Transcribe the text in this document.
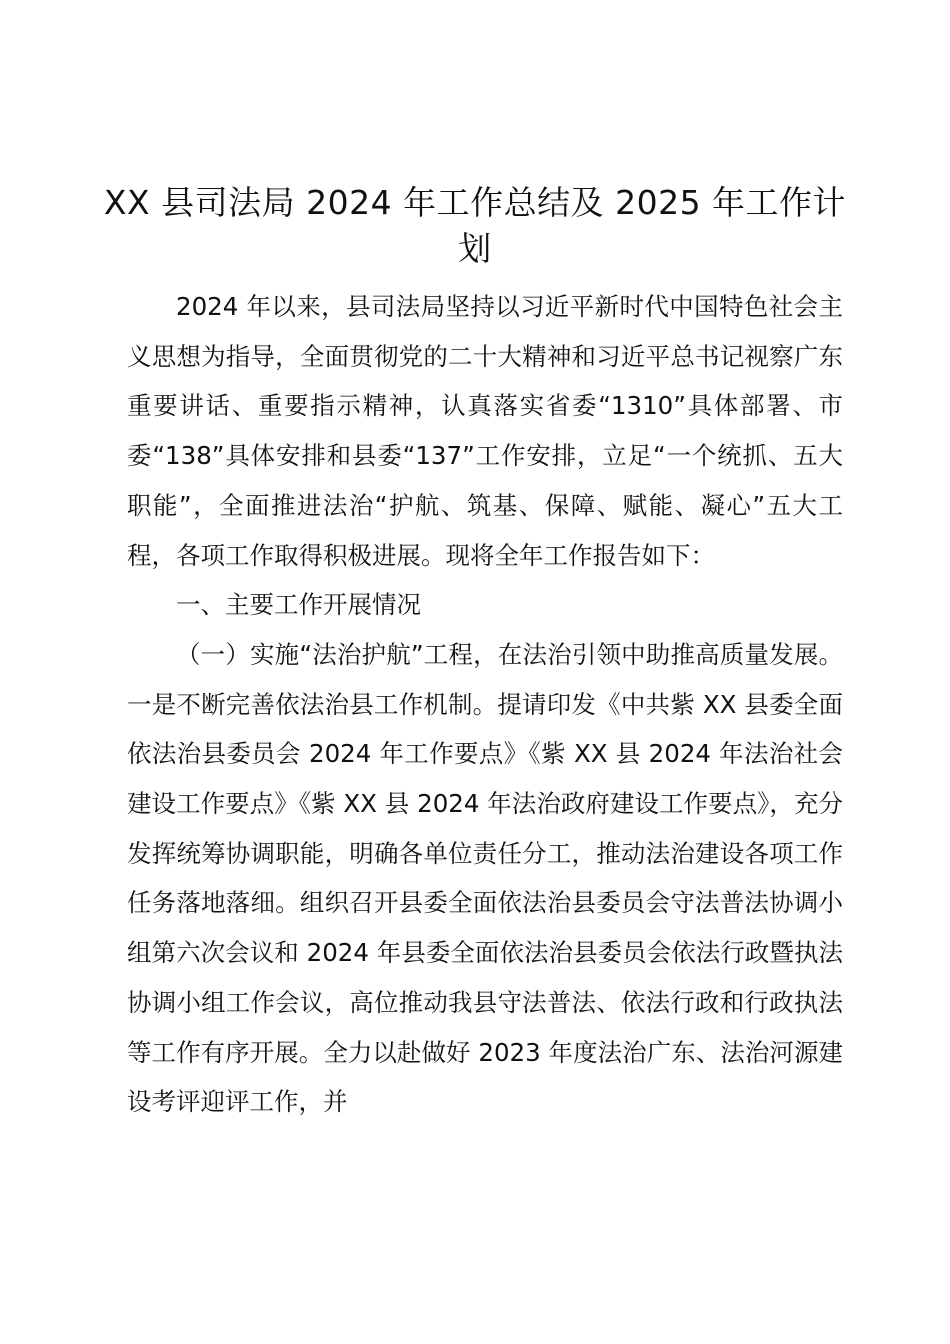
XX 县司法局 2024 年工作总结及 2025 年工作计划

2024 年以来，县司法局坚持以习近平新时代中国特色社会主义思想为指导，全面贯彻党的二十大精神和习近平总书记视察广东重要讲话、重要指示精神，认真落实省委“1310”具体部署、市委“138”具体安排和县委“137”工作安排，立足“一个统抓、五大职能”，全面推进法治“护航、筑基、保障、赋能、凝心”五大工程，各项工作取得积极进展。现将全年工作报告如下：

一、主要工作开展情况

（一）实施“法治护航”工程，在法治引领中助推高质量发展。一是不断完善依法治县工作机制。提请印发《中共紫 XX 县委全面依法治县委员会 2024 年工作要点》《紫 XX 县 2024 年法治社会建设工作要点》《紫 XX 县 2024 年法治政府建设工作要点》，充分发挥统筹协调职能，明确各单位责任分工，推动法治建设各项工作任务落地落细。组织召开县委全面依法治县委员会守法普法协调小组第六次会议和 2024 年县委全面依法治县委员会依法行政暨执法协调小组工作会议，高位推动我县守法普法、依法行政和行政执法等工作有序开展。全力以赴做好 2023 年度法治广东、法治河源建设考评迎评工作，并
